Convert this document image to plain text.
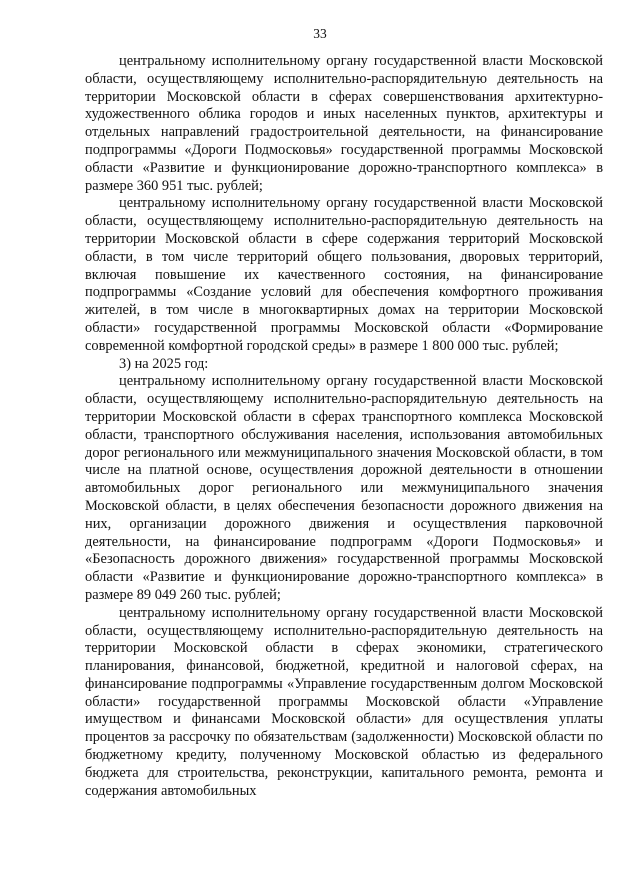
33

центральному исполнительному органу государственной власти Московской области, осуществляющему исполнительно-распорядительную деятельность на территории Московской области в сферах совершенствования архитектурно-художественного облика городов и иных населенных пунктов, архитектуры и отдельных направлений градостроительной деятельности, на финансирование подпрограммы «Дороги Подмосковья» государственной программы Московской области «Развитие и функционирование дорожно-транспортного комплекса» в размере 360 951 тыс. рублей;

центральному исполнительному органу государственной власти Московской области, осуществляющему исполнительно-распорядительную деятельность на территории Московской области в сфере содержания территорий Московской области, в том числе территорий общего пользования, дворовых территорий, включая повышение их качественного состояния, на финансирование подпрограммы «Создание условий для обеспечения комфортного проживания жителей, в том числе в многоквартирных домах на территории Московской области» государственной программы Московской области «Формирование современной комфортной городской среды» в размере 1 800 000 тыс. рублей;

3) на 2025 год:

центральному исполнительному органу государственной власти Московской области, осуществляющему исполнительно-распорядительную деятельность на территории Московской области в сферах транспортного комплекса Московской области, транспортного обслуживания населения, использования автомобильных дорог регионального или межмуниципального значения Московской области, в том числе на платной основе, осуществления дорожной деятельности в отношении автомобильных дорог регионального или межмуниципального значения Московской области, в целях обеспечения безопасности дорожного движения на них, организации дорожного движения и осуществления парковочной деятельности, на финансирование подпрограмм «Дороги Подмосковья» и «Безопасность дорожного движения» государственной программы Московской области «Развитие и функционирование дорожно-транспортного комплекса» в размере 89 049 260 тыс. рублей;

центральному исполнительному органу государственной власти Московской области, осуществляющему исполнительно-распорядительную деятельность на территории Московской области в сферах экономики, стратегического планирования, финансовой, бюджетной, кредитной и налоговой сферах, на финансирование подпрограммы «Управление государственным долгом Московской области» государственной программы Московской области «Управление имуществом и финансами Московской области» для осуществления уплаты процентов за рассрочку по обязательствам (задолженности) Московской области по бюджетному кредиту, полученному Московской областью из федерального бюджета для строительства, реконструкции, капитального ремонта, ремонта и содержания автомобильных
